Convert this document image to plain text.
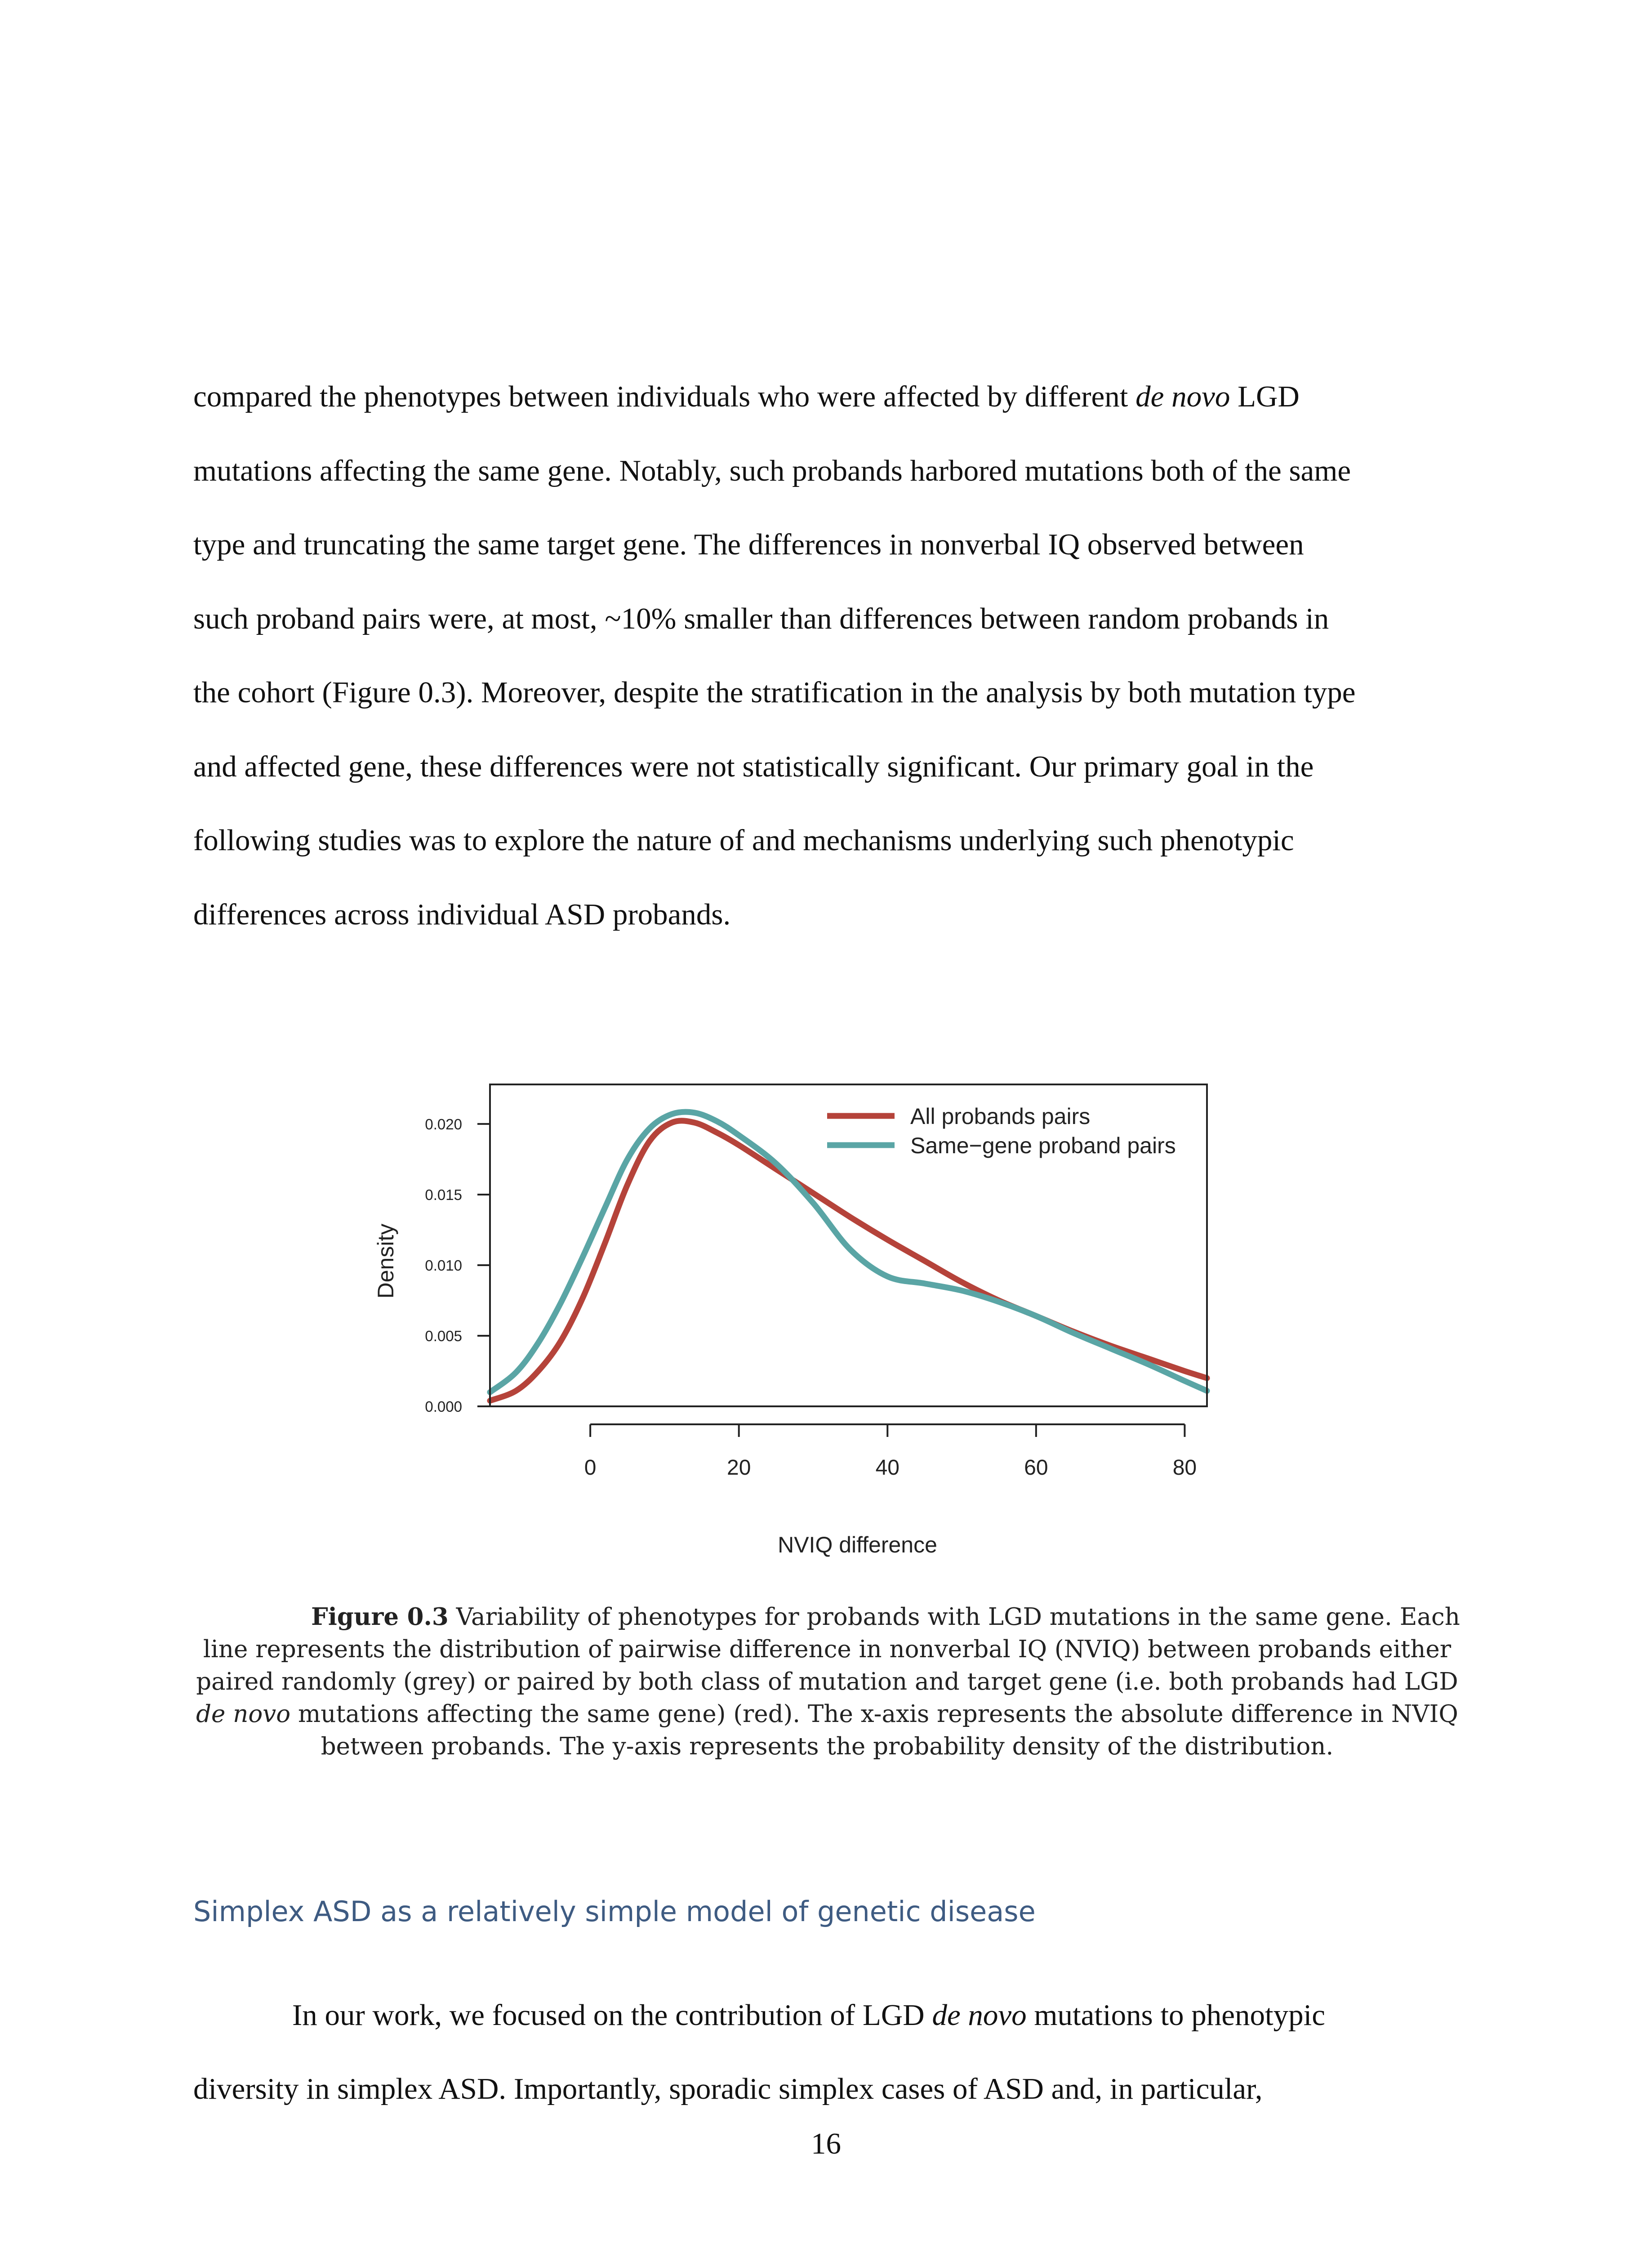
compared the phenotypes between individuals who were affected by different de novo LGD

mutations affecting the same gene. Notably, such probands harbored mutations both of the same

type and truncating the same target gene. The differences in nonverbal IQ observed between

such proband pairs were, at most, ~10% smaller than differences between random probands in

the cohort (Figure 0.3). Moreover, despite the stratification in the analysis by both mutation type

and affected gene, these differences were not statistically significant. Our primary goal in the

following studies was to explore the nature of and mechanisms underlying such phenotypic

differences across individual ASD probands.

0.000
0.005
0.010
0.015
0.020
0	20	40	60	80
NVIQ difference
Density
All probands pairs
Same−gene proband pairs
Figure 0.3 Variability of phenotypes for probands with LGD mutations in the same gene. Each
line represents the distribution of pairwise difference in nonverbal IQ (NVIQ) between probands either
paired randomly (grey) or paired by both class of mutation and target gene (i.e. both probands had LGD
de novo mutations affecting the same gene) (red). The x-axis represents the absolute difference in NVIQ
between probands. The y-axis represents the probability density of the distribution.
Simplex ASD as a relatively simple model of genetic disease

In our work, we focused on the contribution of LGD de novo mutations to phenotypic

diversity in simplex ASD. Importantly, sporadic simplex cases of ASD and, in particular,

16
